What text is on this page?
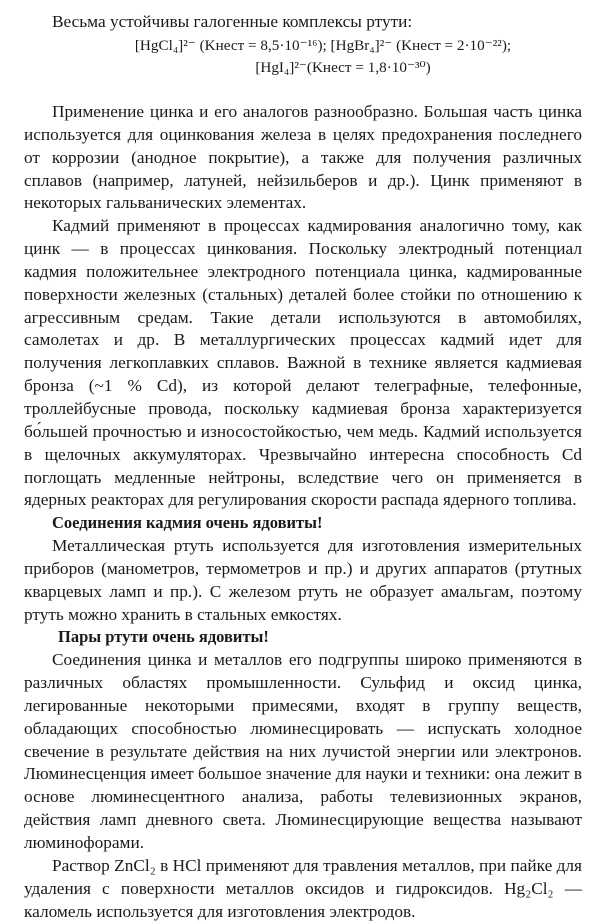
Весьма устойчивы галогенные комплексы ртути:

[HgCl₄]²⁻ (Kнест = 8,5·10⁻¹⁶); [HgBr₄]²⁻ (Kнест = 2·10⁻²²);
[HgI₄]²⁻(Kнест = 1,8·10⁻³⁰)

Применение цинка и его аналогов разнообразно. Большая часть цинка используется для оцинкования железа в целях предохранения последнего от коррозии (анодное покрытие), а также для получения различных сплавов (например, латуней, нейзильберов и др.). Цинк применяют в некоторых гальванических элементах.

Кадмий применяют в процессах кадмирования аналогично тому, как цинк — в процессах цинкования. Поскольку электродный потенциал кадмия положительнее электродного потенциала цинка, кадмированные поверхности железных (стальных) деталей более стойки по отношению к агрессивным средам. Такие детали используются в автомобилях, самолетах и др. В металлургических процессах кадмий идет для получения легкоплавких сплавов. Важной в технике является кадмиевая бронза (~1 % Cd), из которой делают телеграфные, телефонные, троллейбусные провода, поскольку кадмиевая бронза характеризуется бо́льшей прочностью и износостойкостью, чем медь. Кадмий используется в щелочных аккумуляторах. Чрезвычайно интересна способность Cd поглощать медленные нейтроны, вследствие чего он применяется в ядерных реакторах для регулирования скорости распада ядерного топлива.

Соединения кадмия очень ядовиты!

Металлическая ртуть используется для изготовления измерительных приборов (манометров, термометров и пр.) и других аппаратов (ртутных кварцевых ламп и пр.). С железом ртуть не образует амальгам, поэтому ртуть можно хранить в стальных емкостях.

Пары ртути очень ядовиты!

Соединения цинка и металлов его подгруппы широко применяются в различных областях промышленности. Сульфид и оксид цинка, легированные некоторыми примесями, входят в группу веществ, обладающих способностью люминесцировать — испускать холодное свечение в результате действия на них лучистой энергии или электронов. Люминесценция имеет большое значение для науки и техники: она лежит в основе люминесцентного анализа, работы телевизионных экранов, действия ламп дневного света. Люминесцирующие вещества называют люминофорами.

Раствор ZnCl₂ в HCl применяют для травления металлов, при пайке для удаления с поверхности металлов оксидов и гидроксидов. Hg₂Cl₂ — каломель используется для изготовления электродов.
